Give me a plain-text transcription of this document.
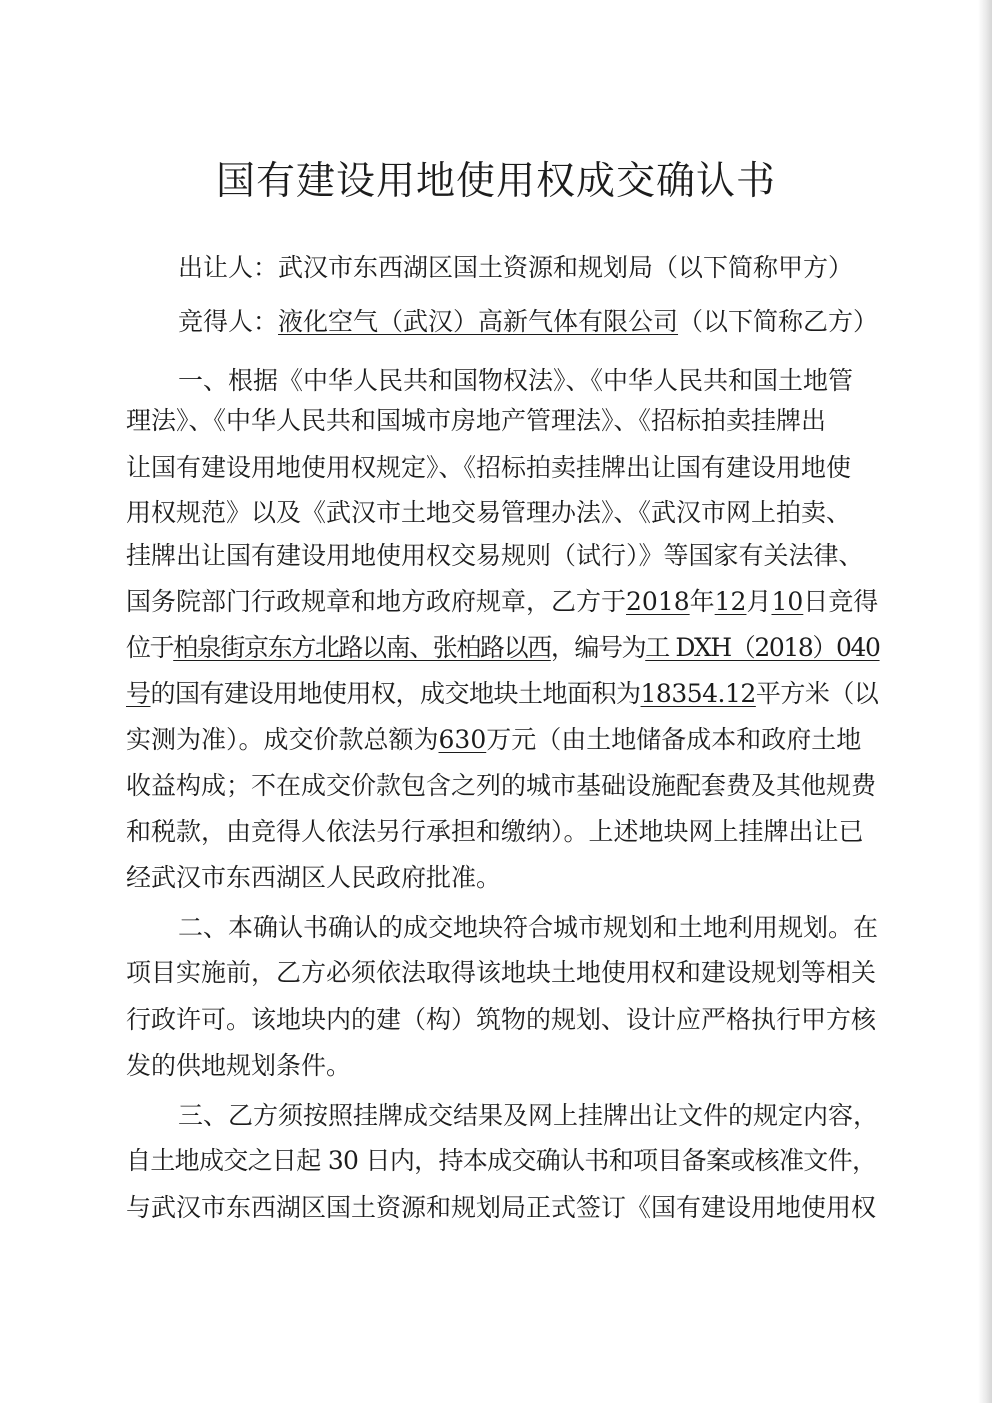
国有建设用地使用权成交确认书
出让人：武汉市东西湖区国土资源和规划局（以下简称甲方）
竞得人：液化空气（武汉）高新气体有限公司（以下简称乙方）
一、根据《中华人民共和国物权法》、《中华人民共和国土地管
理法》、《中华人民共和国城市房地产管理法》、《招标拍卖挂牌出
让国有建设用地使用权规定》、《招标拍卖挂牌出让国有建设用地使
用权规范》以及《武汉市土地交易管理办法》、《武汉市网上拍卖、
挂牌出让国有建设用地使用权交易规则（试行）》等国家有关法律、
国务院部门行政规章和地方政府规章，乙方于2018年12月10日竞得
位于柏泉街京东方北路以南、张柏路以西，编号为工 DXH（2018）040
号的国有建设用地使用权，成交地块土地面积为18354.12平方米（以
实测为准）。成交价款总额为630万元（由土地储备成本和政府土地
收益构成；不在成交价款包含之列的城市基础设施配套费及其他规费
和税款，由竞得人依法另行承担和缴纳）。上述地块网上挂牌出让已
经武汉市东西湖区人民政府批准。
二、本确认书确认的成交地块符合城市规划和土地利用规划。在
项目实施前，乙方必须依法取得该地块土地使用权和建设规划等相关
行政许可。该地块内的建（构）筑物的规划、设计应严格执行甲方核
发的供地规划条件。
三、乙方须按照挂牌成交结果及网上挂牌出让文件的规定内容，
自土地成交之日起 30 日内，持本成交确认书和项目备案或核准文件，
与武汉市东西湖区国土资源和规划局正式签订《国有建设用地使用权
